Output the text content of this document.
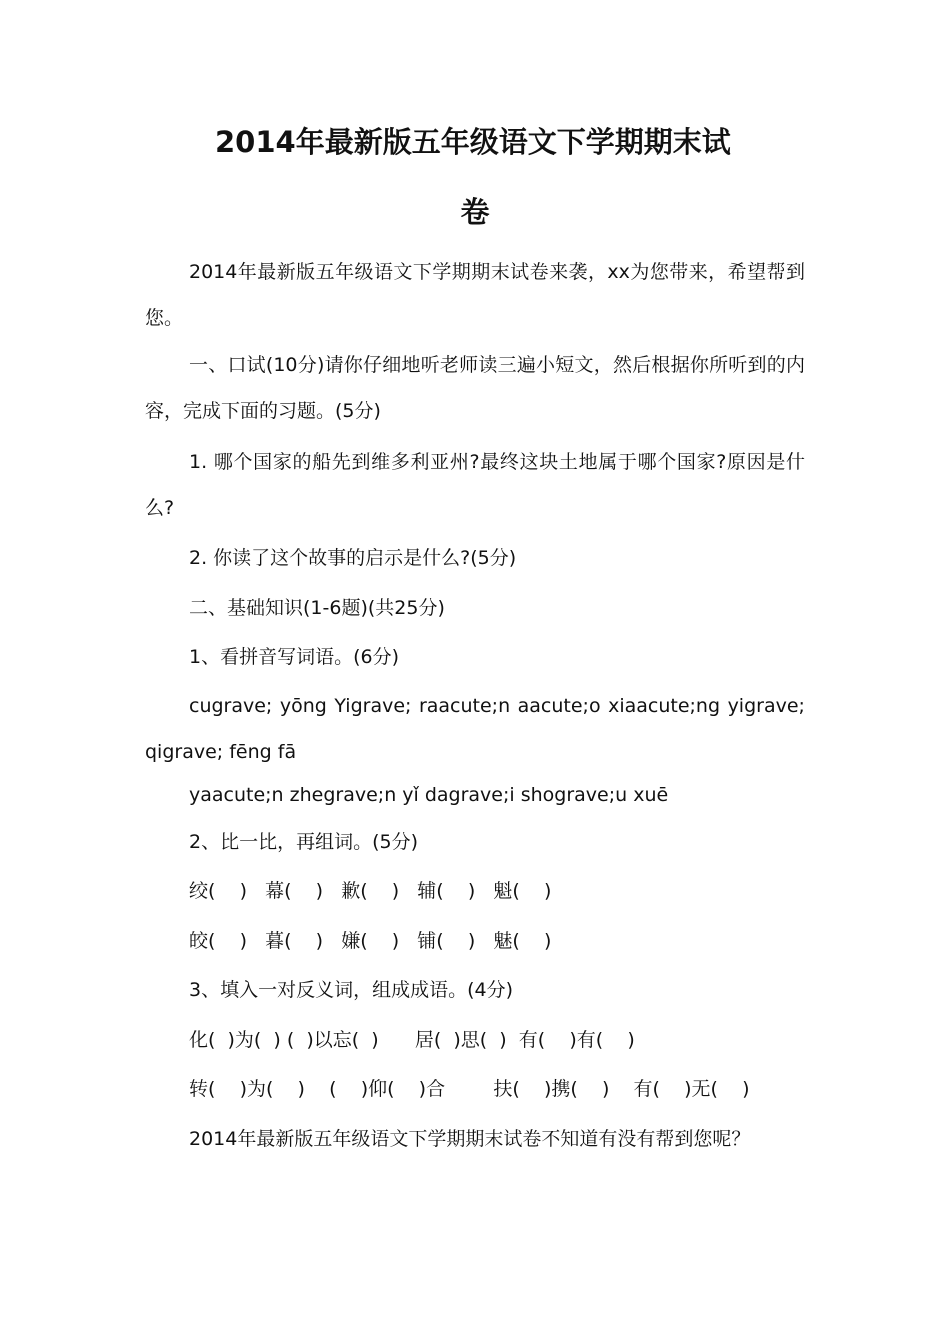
2014年最新版五年级语文下学期期末试
卷

2014年最新版五年级语文下学期期末试卷来袭，xx为您带来，希望帮到您。

一、口试(10分)请你仔细地听老师读三遍小短文，然后根据你所听到的内容，完成下面的习题。(5分)

1. 哪个国家的船先到维多利亚州?最终这块土地属于哪个国家?原因是什么?

2. 你读了这个故事的启示是什么?(5分)

二、基础知识(1-6题)(共25分)

1、看拼音写词语。(6分)

cugrave; yōng Yigrave; raacute;n aacute;o xiaacute;ng yigrave;
qigrave; fēng fā

yaacute;n zhegrave;n yǐ dagrave;i shograve;u xuē

2、比一比，再组词。(5分)

绞(    )   幕(    )   歉(    )   辅(    )   魁(    )

皎(    )   暮(    )   嫌(    )   铺(    )   魅(    )

3、填入一对反义词，组成成语。(4分)

化(  )为(  ) (  )以忘(  )      居(  )思(  )  有(    )有(    )

转(    )为(    )    (    )仰(    )合        扶(    )携(    )    有(    )无(    )

2014年最新版五年级语文下学期期末试卷不知道有没有帮到您呢？
